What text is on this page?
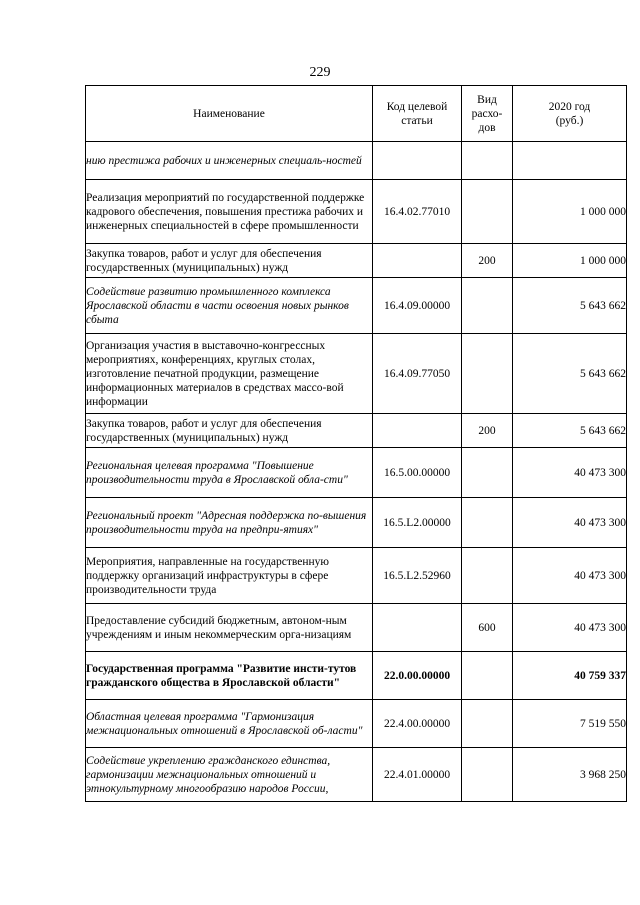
229
Наименование	Код целевой статьи	Вид расхо-дов	2020 год (руб.)

нию престижа рабочих и инженерных специаль-ностей			
Реализация мероприятий по государственной поддержке кадрового обеспечения, повышения престижа рабочих и инженерных специальностей в сфере промышленности	16.4.02.77010		1 000 000
Закупка товаров, работ и услуг для обеспечения государственных (муниципальных) нужд		200	1 000 000
Содействие развитию промышленного комплекса Ярославской области в части освоения новых рынков сбыта	16.4.09.00000		5 643 662
Организация участия в выставочно-конгрессных мероприятиях, конференциях, круглых столах, изготовление печатной продукции, размещение информационных материалов в средствах массо-вой информации	16.4.09.77050		5 643 662
Закупка товаров, работ и услуг для обеспечения государственных (муниципальных) нужд		200	5 643 662
Региональная целевая программа "Повышение производительности труда в Ярославской обла-сти"	16.5.00.00000		40 473 300
Региональный проект "Адресная поддержка по-вышения производительности труда на предпри-ятиях"	16.5.L2.00000		40 473 300
Мероприятия, направленные на государственную поддержку организаций инфраструктуры в сфере производительности труда	16.5.L2.52960		40 473 300
Предоставление субсидий бюджетным, автоном-ным учреждениям и иным некоммерческим орга-низациям		600	40 473 300
Государственная программа "Развитие инсти-тутов гражданского общества в Ярославской области"	22.0.00.00000		40 759 337
Областная целевая программа "Гармонизация межнациональных отношений в Ярославской об-ласти"	22.4.00.00000		7 519 550
Содействие укреплению гражданского единства, гармонизации межнациональных отношений и этнокультурному многообразию народов России,	22.4.01.00000		3 968 250
